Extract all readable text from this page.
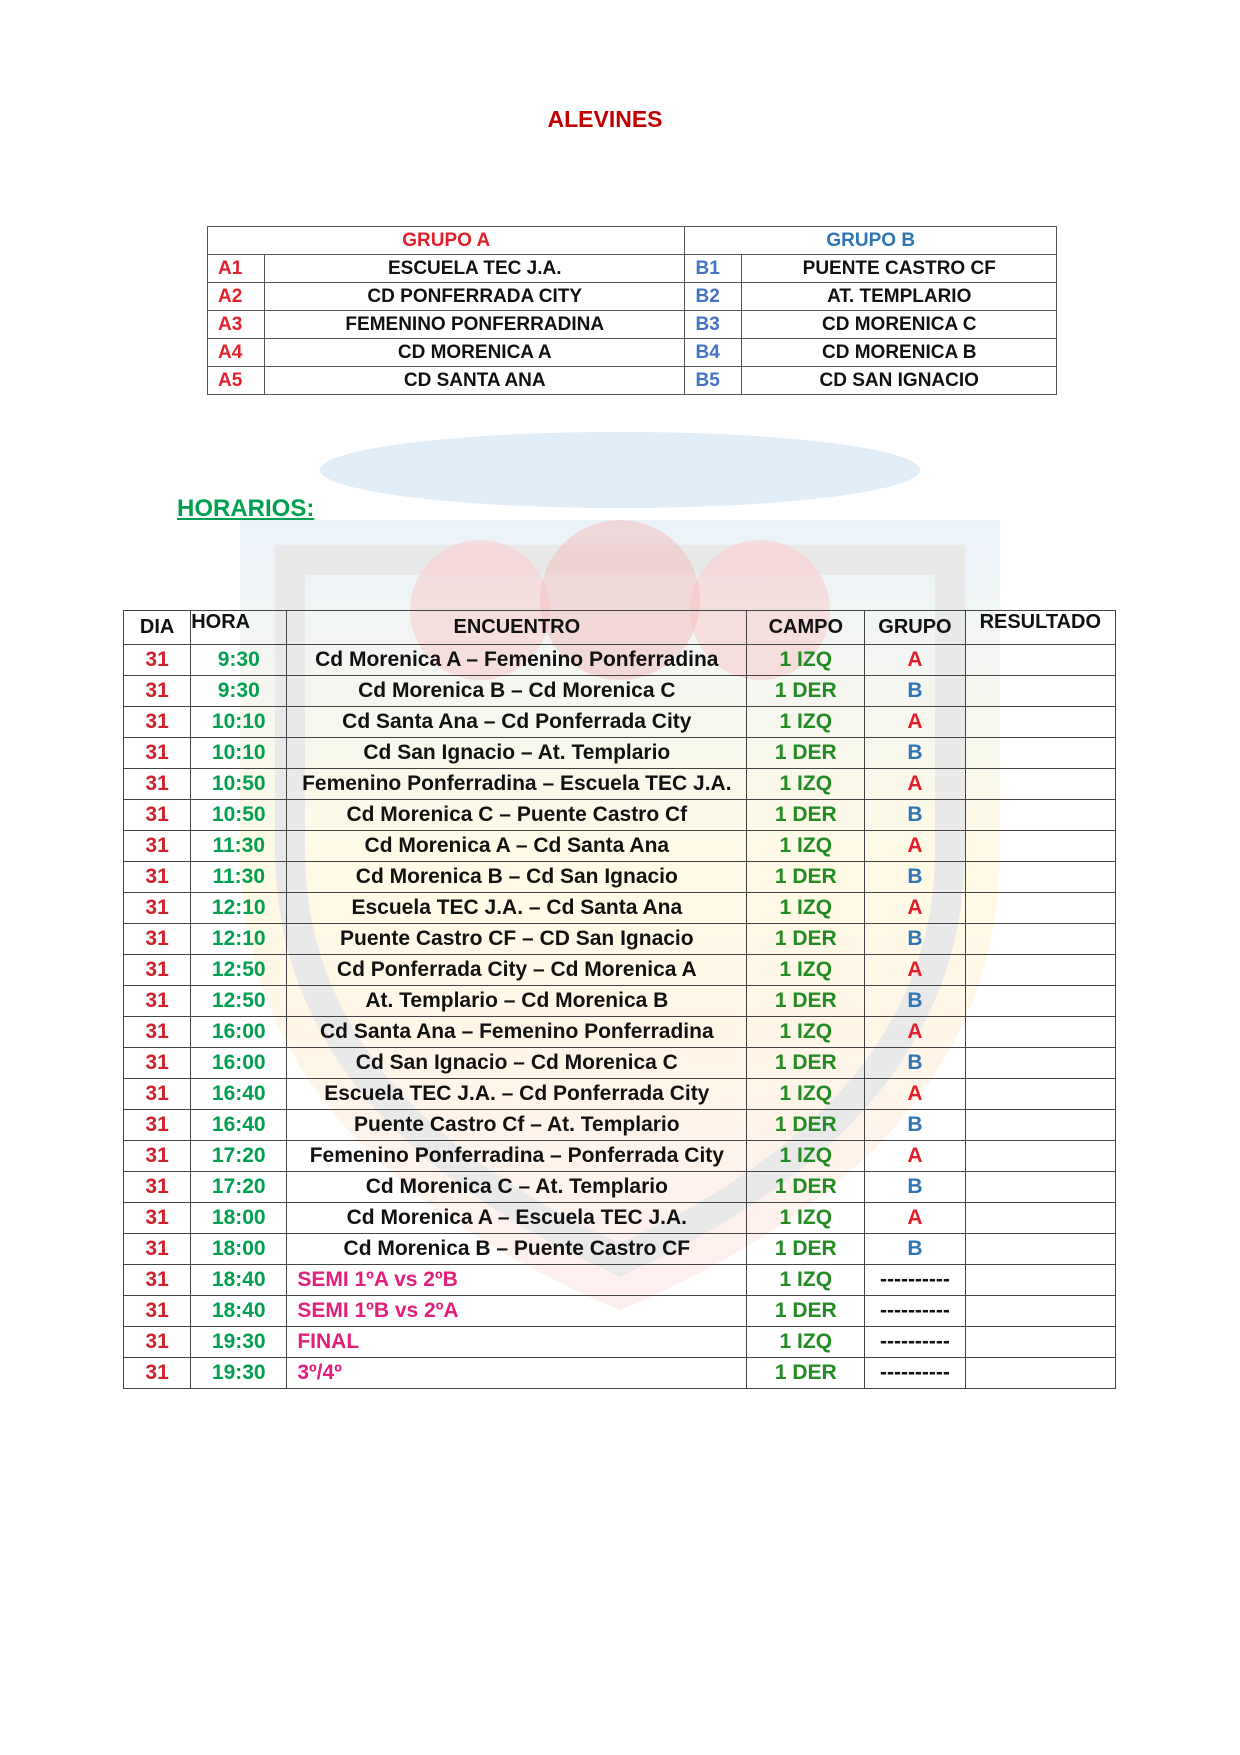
ALEVINES
GRUPO A		GRUPO B	
A1	ESCUELA TEC J.A.	B1	PUENTE CASTRO CF
A2	CD PONFERRADA CITY	B2	AT. TEMPLARIO
A3	FEMENINO PONFERRADINA	B3	CD MORENICA C
A4	CD MORENICA A	B4	CD MORENICA B
A5	CD SANTA ANA	B5	CD SAN IGNACIO
HORARIOS:
DIA	HORA	ENCUENTRO	CAMPO	GRUPO	RESULTADO
31	9:30	Cd Morenica A – Femenino Ponferradina	1 IZQ	A	
31	9:30	Cd Morenica B – Cd Morenica C	1 DER	B	
31	10:10	Cd Santa Ana – Cd Ponferrada City	1 IZQ	A	
31	10:10	Cd San Ignacio – At. Templario	1 DER	B	
31	10:50	Femenino Ponferradina – Escuela TEC J.A.	1 IZQ	A	
31	10:50	Cd Morenica C – Puente Castro Cf	1 DER	B	
31	11:30	Cd Morenica A – Cd Santa Ana	1 IZQ	A	
31	11:30	Cd Morenica B – Cd San Ignacio	1 DER	B	
31	12:10	Escuela TEC J.A. – Cd Santa Ana	1 IZQ	A	
31	12:10	Puente Castro CF – CD San Ignacio	1 DER	B	
31	12:50	Cd Ponferrada City – Cd Morenica A	1 IZQ	A	
31	12:50	At. Templario – Cd Morenica B	1 DER	B	
31	16:00	Cd Santa Ana – Femenino Ponferradina	1 IZQ	A	
31	16:00	Cd San Ignacio – Cd Morenica C	1 DER	B	
31	16:40	Escuela TEC J.A. – Cd Ponferrada City	1 IZQ	A	
31	16:40	Puente Castro Cf – At. Templario	1 DER	B	
31	17:20	Femenino Ponferradina – Ponferrada City	1 IZQ	A	
31	17:20	Cd Morenica C – At. Templario	1 DER	B	
31	18:00	Cd Morenica A – Escuela TEC J.A.	1 IZQ	A	
31	18:00	Cd Morenica B – Puente Castro CF	1 DER	B	
31	18:40	SEMI 1ºA vs 2ºB	1 IZQ	----------	
31	18:40	SEMI 1ºB vs 2ºA	1 DER	----------	
31	19:30	FINAL	1 IZQ	----------	
31	19:30	3º/4º	1 DER	----------	
